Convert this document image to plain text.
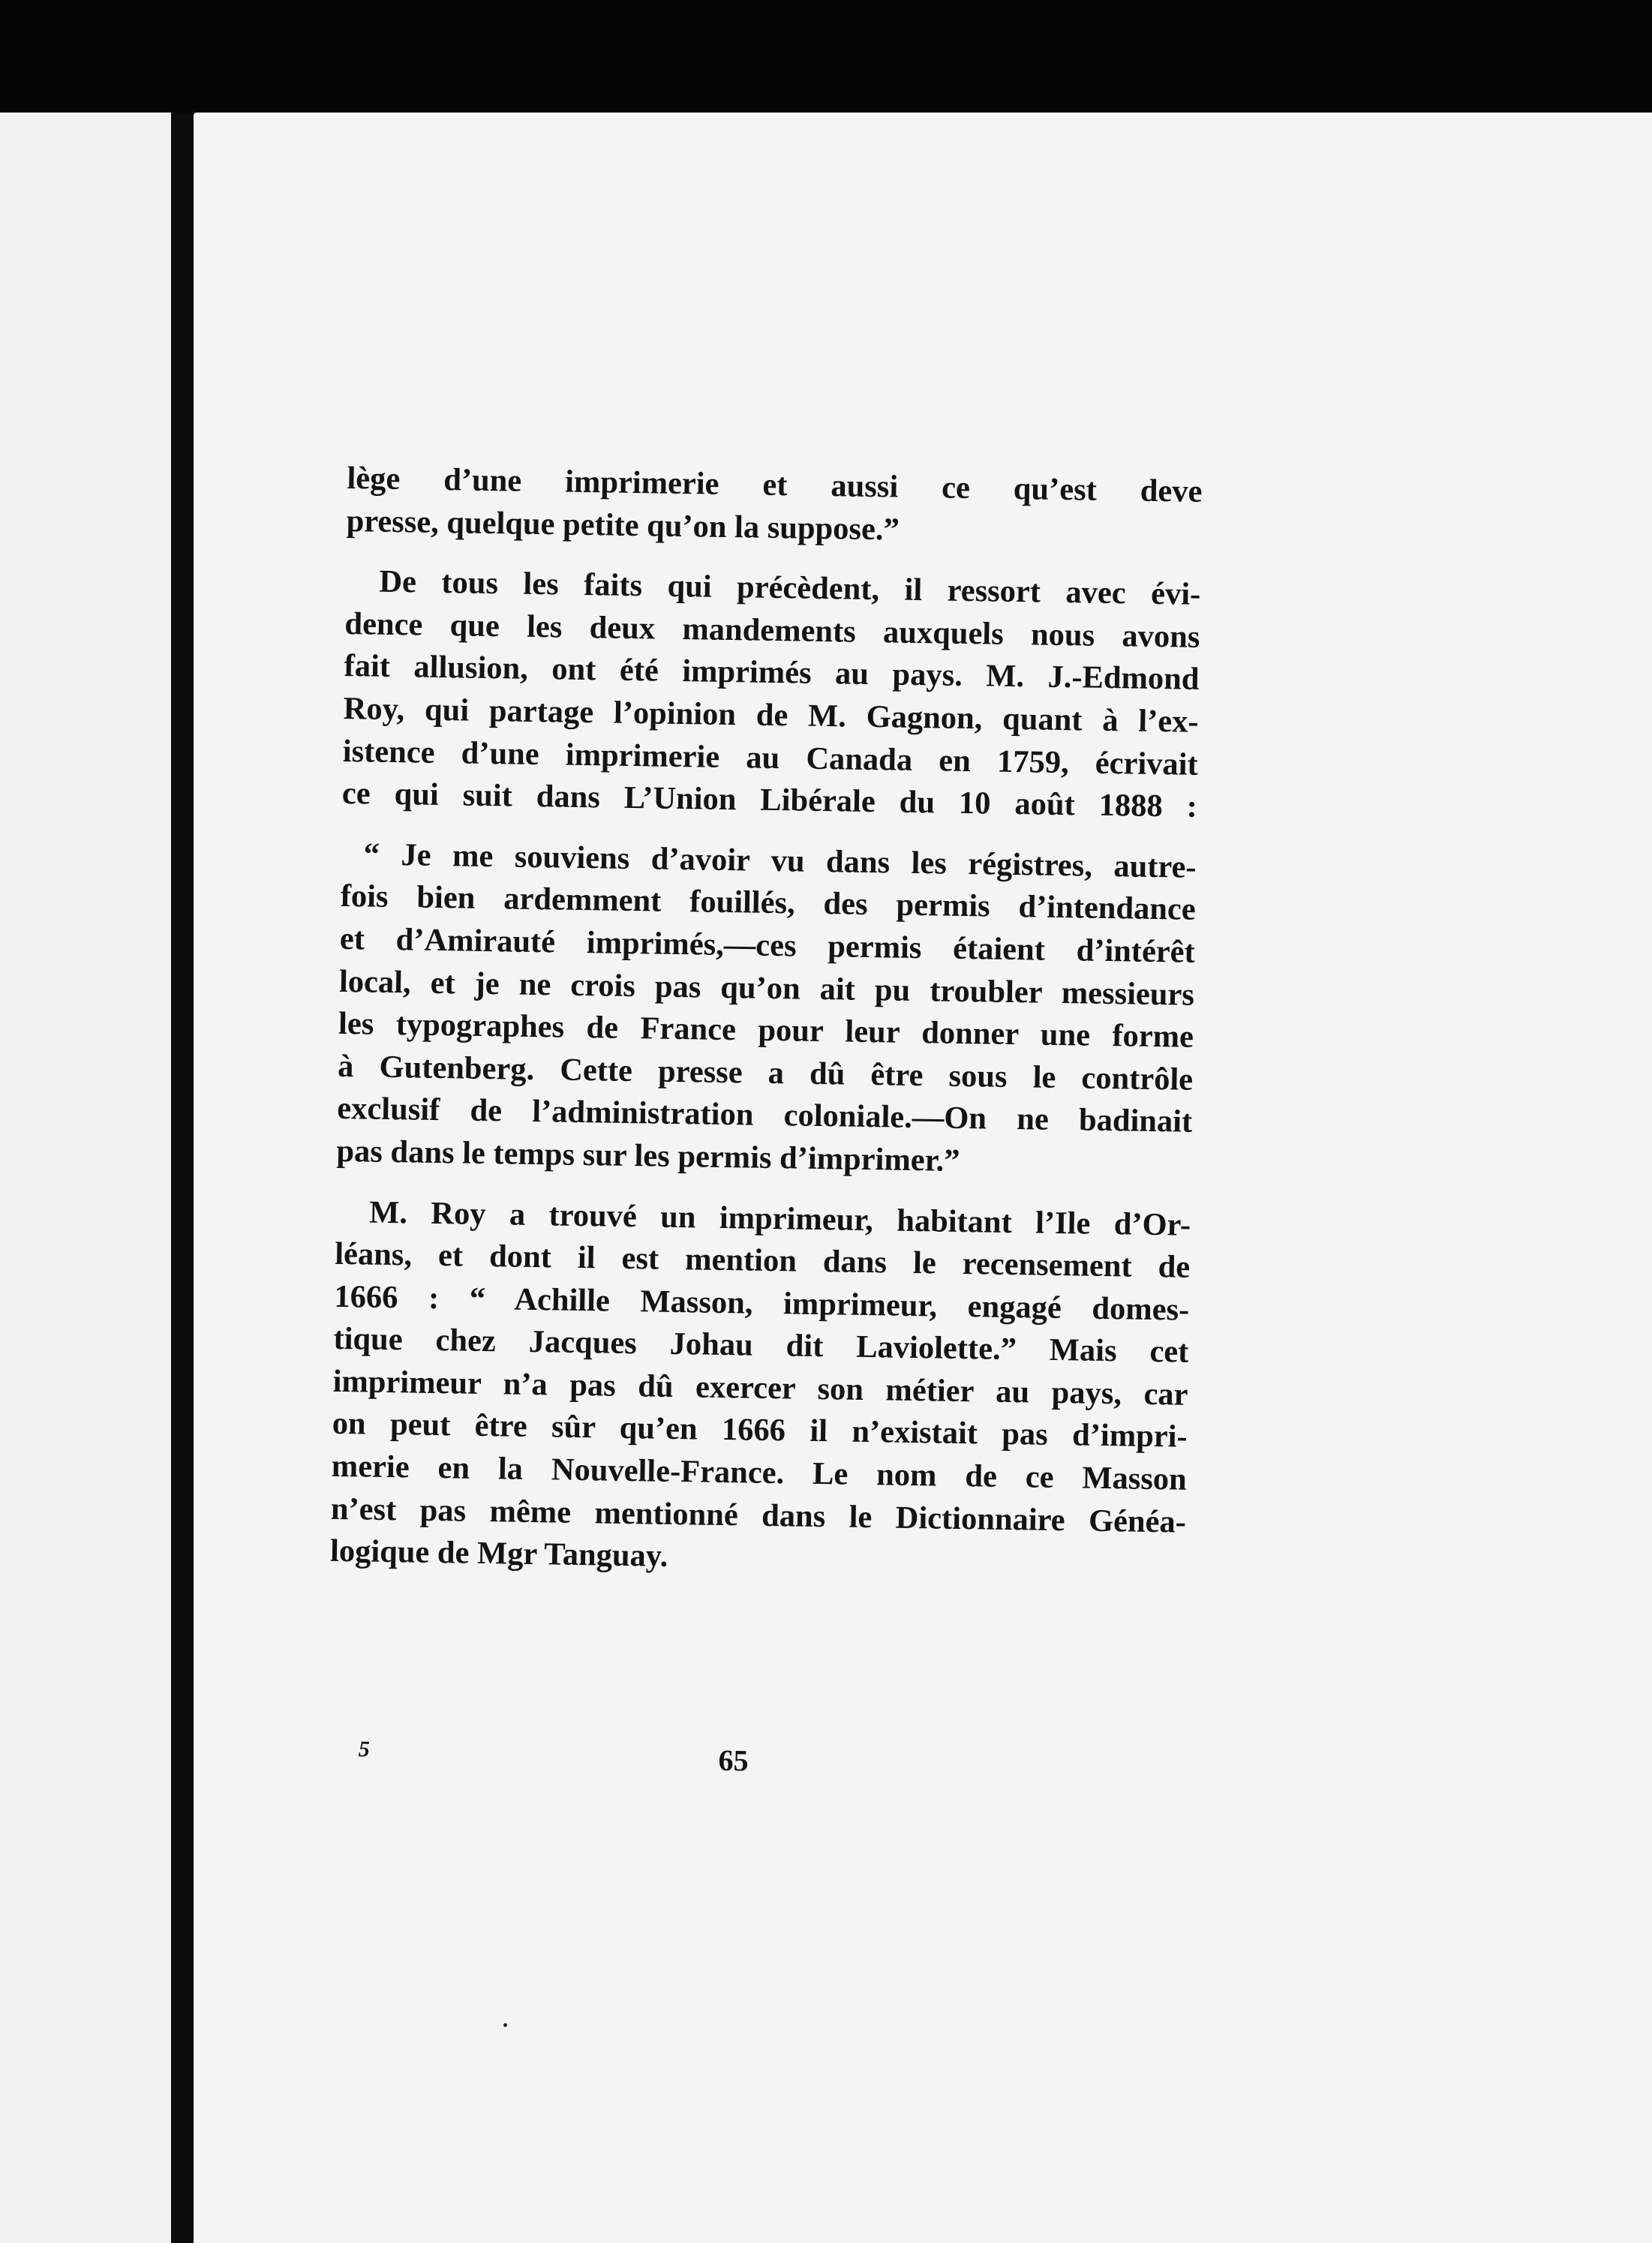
lège d’une imprimerie et aussi ce qu’est deve
presse, quelque petite qu’on la suppose.”
De tous les faits qui précèdent, il ressort avec évi-
dence que les deux mandements auxquels nous avons
fait allusion, ont été imprimés au pays. M. J.-Edmond
Roy, qui partage l’opinion de M. Gagnon, quant à l’ex-
istence d’une imprimerie au Canada en 1759, écrivait
ce qui suit dans L’Union Libérale du 10 août 1888 :
“ Je me souviens d’avoir vu dans les régistres, autre-
fois bien ardemment fouillés, des permis d’intendance
et d’Amirauté imprimés,—ces permis étaient d’intérêt
local, et je ne crois pas qu’on ait pu troubler messieurs
les typographes de France pour leur donner une forme
à Gutenberg. Cette presse a dû être sous le contrôle
exclusif de l’administration coloniale.—On ne badinait
pas dans le temps sur les permis d’imprimer.”
M. Roy a trouvé un imprimeur, habitant l’Ile d’Or-
léans, et dont il est mention dans le recensement de
1666 : “ Achille Masson, imprimeur, engagé domes-
tique chez Jacques Johau dit Laviolette.” Mais cet
imprimeur n’a pas dû exercer son métier au pays, car
on peut être sûr qu’en 1666 il n’existait pas d’impri-
merie en la Nouvelle-France. Le nom de ce Masson
n’est pas même mentionné dans le Dictionnaire Généa-
logique de Mgr Tanguay.
5	65
